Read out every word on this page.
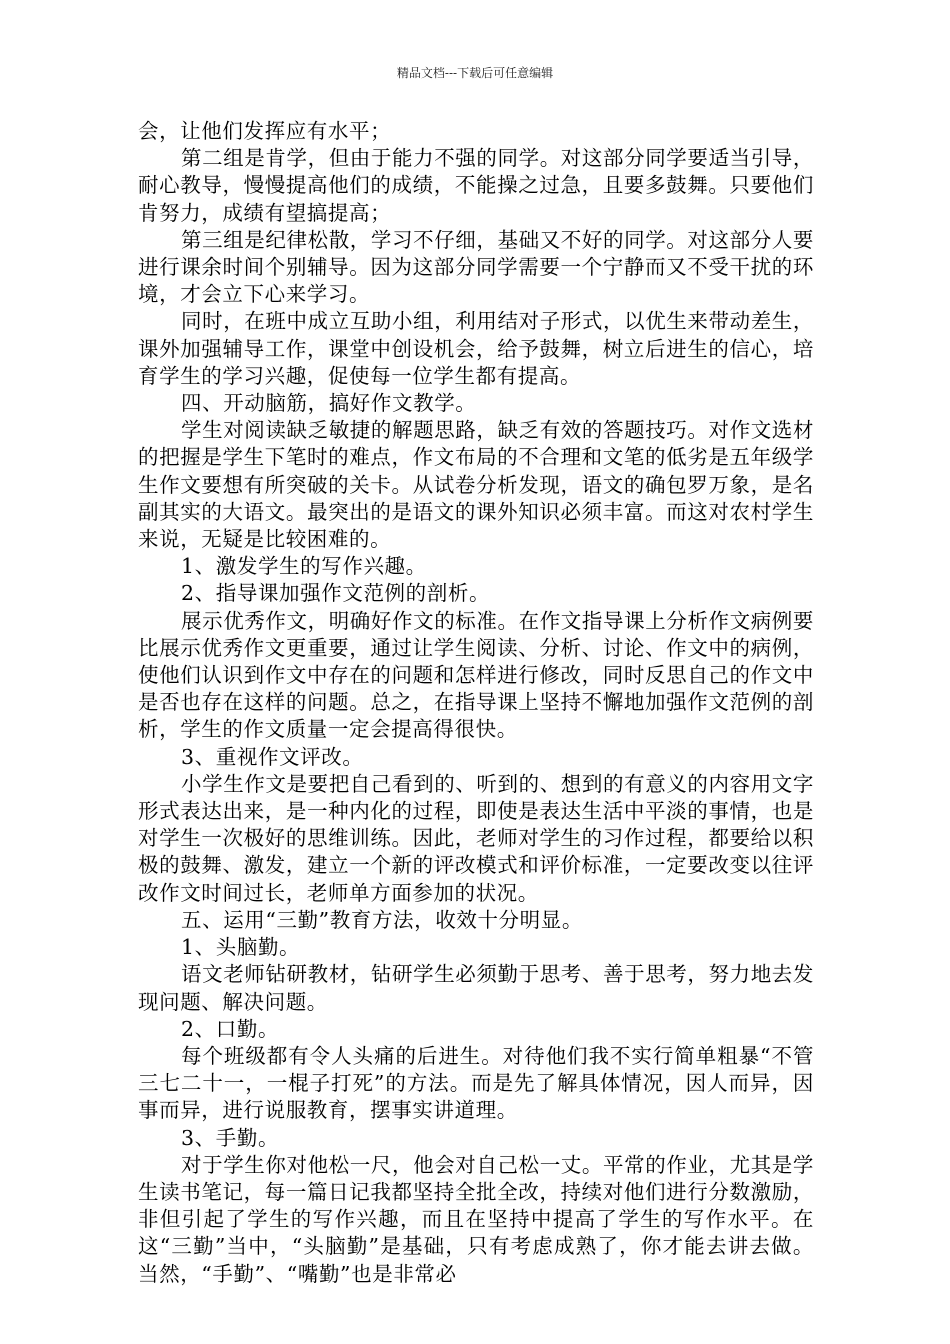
精品文档---下载后可任意编辑

会，让他们发挥应有水平；

第二组是肯学，但由于能力不强的同学。对这部分同学要适当引导，耐心教导，慢慢提高他们的成绩，不能操之过急，且要多鼓舞。只要他们肯努力，成绩有望搞提高；

第三组是纪律松散，学习不仔细，基础又不好的同学。对这部分人要进行课余时间个别辅导。因为这部分同学需要一个宁静而又不受干扰的环境，才会立下心来学习。

同时，在班中成立互助小组，利用结对子形式，以优生来带动差生，课外加强辅导工作，课堂中创设机会，给予鼓舞，树立后进生的信心，培育学生的学习兴趣，促使每一位学生都有提高。

四、开动脑筋，搞好作文教学。

学生对阅读缺乏敏捷的解题思路，缺乏有效的答题技巧。对作文选材的把握是学生下笔时的难点，作文布局的不合理和文笔的低劣是五年级学生作文要想有所突破的关卡。从试卷分析发现，语文的确包罗万象，是名副其实的大语文。最突出的是语文的课外知识必须丰富。而这对农村学生来说，无疑是比较困难的。

1、激发学生的写作兴趣。

2、指导课加强作文范例的剖析。

展示优秀作文，明确好作文的标准。在作文指导课上分析作文病例要比展示优秀作文更重要，通过让学生阅读、分析、讨论、作文中的病例，使他们认识到作文中存在的问题和怎样进行修改，同时反思自己的作文中是否也存在这样的问题。总之，在指导课上坚持不懈地加强作文范例的剖析，学生的作文质量一定会提高得很快。

3、重视作文评改。

小学生作文是要把自己看到的、听到的、想到的有意义的内容用文字形式表达出来，是一种内化的过程，即使是表达生活中平淡的事情，也是对学生一次极好的思维训练。因此，老师对学生的习作过程，都要给以积极的鼓舞、激发，建立一个新的评改模式和评价标准，一定要改变以往评改作文时间过长，老师单方面参加的状况。

五、运用“三勤”教育方法，收效十分明显。

1、头脑勤。

语文老师钻研教材，钻研学生必须勤于思考、善于思考，努力地去发现问题、解决问题。

2、口勤。

每个班级都有令人头痛的后进生。对待他们我不实行简单粗暴“不管三七二十一，一棍子打死”的方法。而是先了解具体情况，因人而异，因事而异，进行说服教育，摆事实讲道理。

3、手勤。

对于学生你对他松一尺，他会对自己松一丈。平常的作业，尤其是学生读书笔记，每一篇日记我都坚持全批全改，持续对他们进行分数激励，非但引起了学生的写作兴趣，而且在坚持中提高了学生的写作水平。在这“三勤”当中，“头脑勤”是基础，只有考虑成熟了，你才能去讲去做。当然，“手勤”、“嘴勤”也是非常必
